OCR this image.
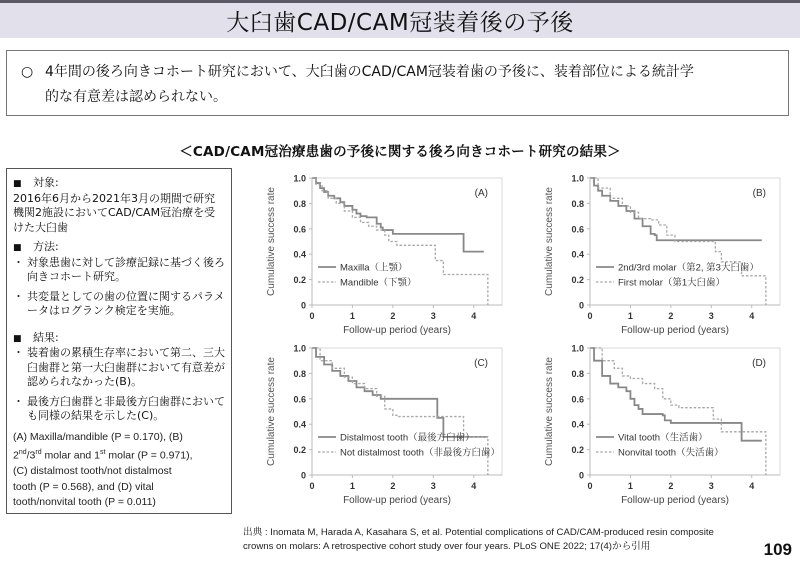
大臼歯CAD/CAM冠装着後の予後
○ 4年間の後ろ向きコホート研究において、大臼歯のCAD/CAM冠装着歯の予後に、装着部位による統計学
的な有意差は認められない。
＜CAD/CAM冠治療患歯の予後に関する後ろ向きコホート研究の結果＞
■ 対象:
2016年6月から2021年3月の期間で研究機関2施設においてCAD/CAM冠治療を受けた大臼歯
■ 方法:
・ 対象患歯に対して診療記録に基づく後ろ向きコホート研究。
・ 共変量としての歯の位置に関するパラメータはログランク検定を実施。
■ 結果:
・ 装着歯の累積生存率において第二、三大臼歯群と第一大臼歯群において有意差が認められなかった(B)。
・ 最後方臼歯群と非最後方臼歯群においても同様の結果を示した(C)。
(A) Maxilla/mandible (P = 0.170), (B)
2nd/3rd molar and 1st molar (P = 0.971),
(C) distalmost tooth/not distalmost
tooth (P = 0.568), and (D) vital
tooth/nonvital tooth (P = 0.011)
0
0.2
0.4
0.6
0.8
1.0
0	1	2	3	4
Follow-up period (years)
Cumulative success rate	(A)
Maxilla（上顎）
Mandible（下顎）
0
0.2
0.4
0.6
0.8
1.0
0	1	2	3	4
Follow-up period (years)
Cumulative success rate	(B)
2nd/3rd molar（第2, 第3大臼歯）
First molar（第1大臼歯）
0
0.2
0.4
0.6
0.8
1.0
0	1	2	3	4
Follow-up period (years)
Cumulative success rate	(C)
Distalmost tooth（最後方臼歯）
Not distalmost tooth（非最後方臼歯）
0
0.2
0.4
0.6
0.8
1.0
0	1	2	3	4
Follow-up period (years)
Cumulative success rate	(D)
Vital tooth（生活歯）
Nonvital tooth（失活歯）
出典 : Inomata M, Harada A, Kasahara S, et al. Potential complications of CAD/CAM-produced resin composite
crowns on molars: A retrospective cohort study over four years. PLoS ONE 2022; 17(4)から引用	109
